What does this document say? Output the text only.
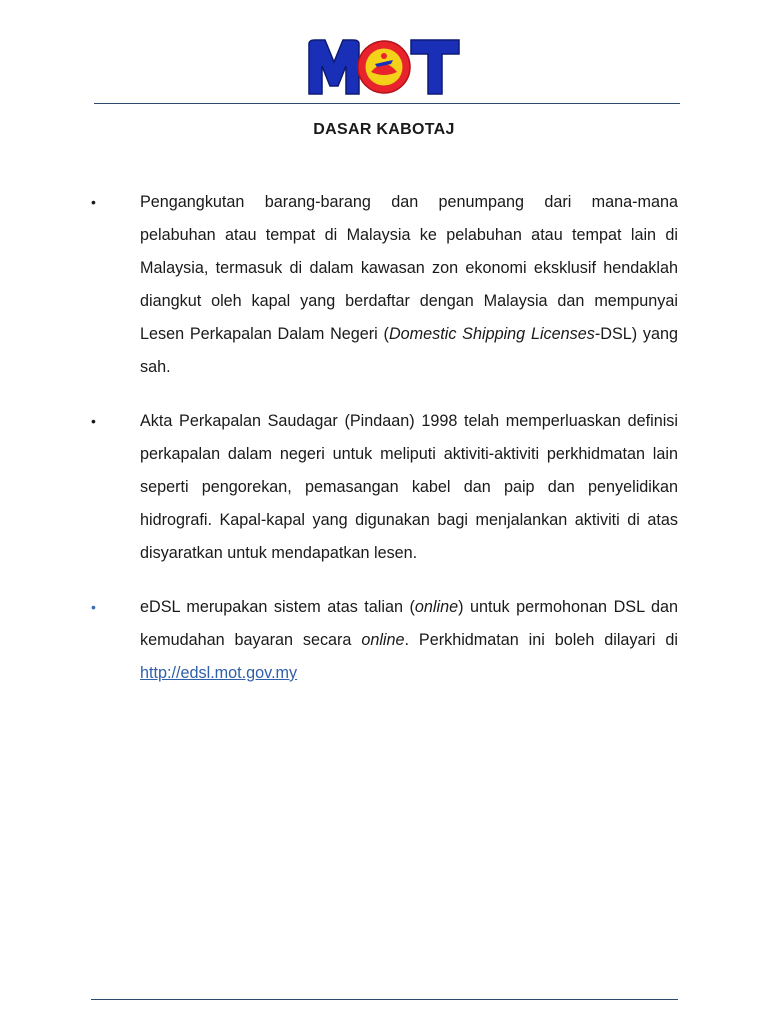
DASAR KABOTAJ
•	Pengangkutan barang-barang dan penumpang dari mana-mana pelabuhan atau tempat di Malaysia ke pelabuhan atau tempat lain di Malaysia, termasuk di dalam kawasan zon ekonomi eksklusif hendaklah diangkut oleh kapal yang berdaftar dengan Malaysia dan mempunyai Lesen Perkapalan Dalam Negeri (Domestic Shipping Licenses-DSL) yang sah.

•	Akta Perkapalan Saudagar (Pindaan) 1998 telah memperluaskan definisi perkapalan dalam negeri untuk meliputi aktiviti-aktiviti perkhidmatan lain seperti pengorekan, pemasangan kabel dan paip dan penyelidikan hidrografi. Kapal-kapal yang digunakan bagi menjalankan aktiviti di atas disyaratkan untuk mendapatkan lesen.

•	eDSL merupakan sistem atas talian (online) untuk permohonan DSL dan kemudahan bayaran secara online. Perkhidmatan ini boleh dilayari di http://edsl.mot.gov.my
